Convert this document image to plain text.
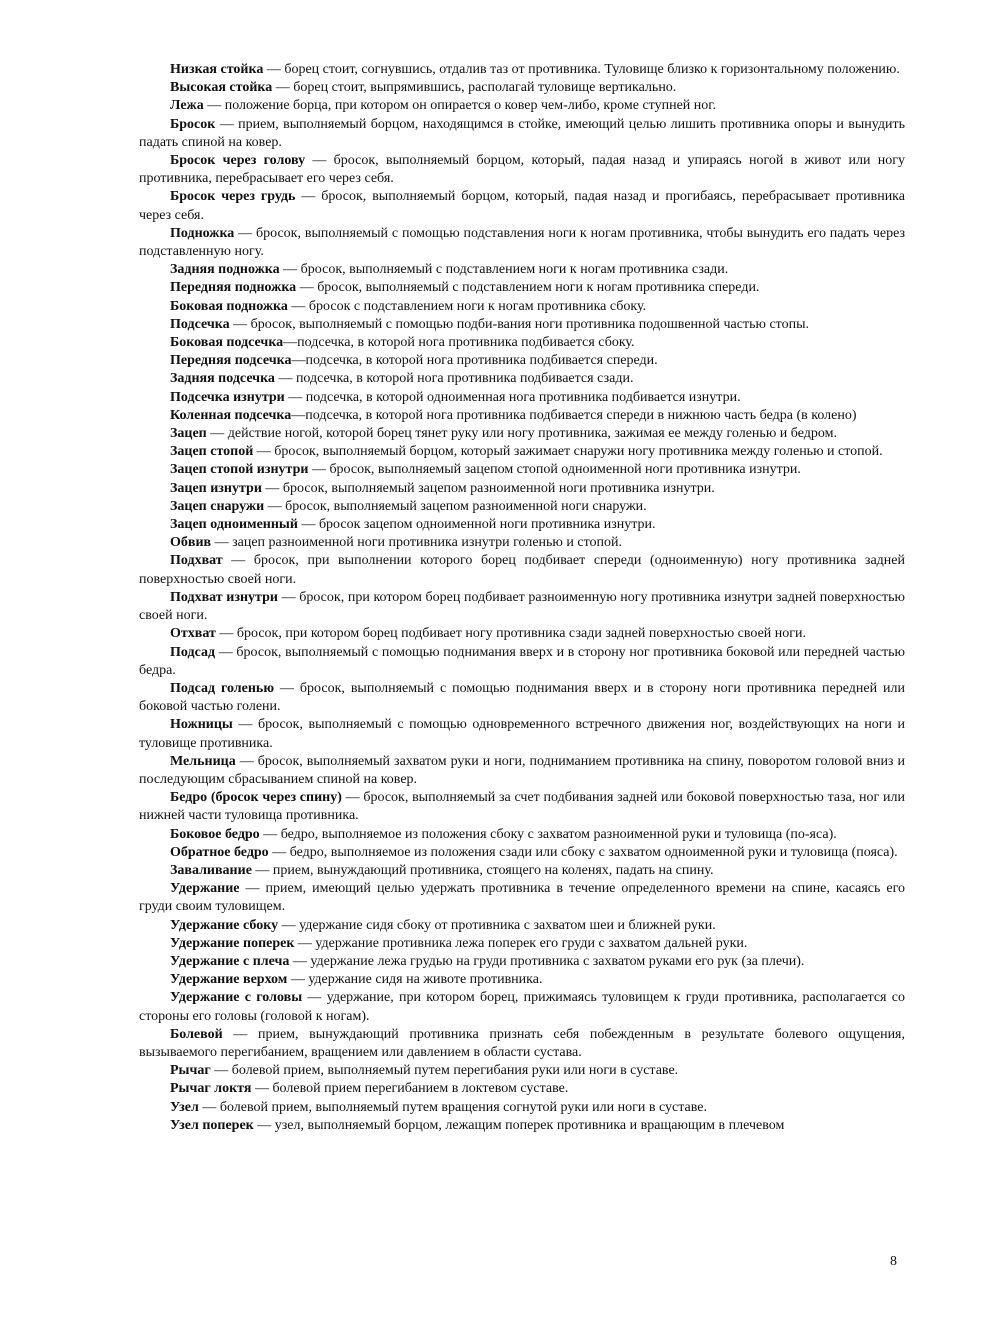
Низкая стойка — борец стоит, согнувшись, отдалив таз от противника. Туловище близко к горизонтальному положению.

Высокая стойка — борец стоит, выпрямившись, располагай туловище вертикально.

Лежа — положение борца, при котором он опирается о ковер чем-либо, кроме ступней ног.

Бросок — прием, выполняемый борцом, находящимся в стойке, имеющий целью лишить противника опоры и вынудить падать спиной на ковер.

Бросок через голову — бросок, выполняемый борцом, который, падая назад и упираясь ногой в живот или ногу противника, перебрасывает его через себя.

Бросок через грудь — бросок, выполняемый борцом, который, падая назад и прогибаясь, перебрасывает противника через себя.

Подножка — бросок, выполняемый с помощью подставления ноги к ногам противника, чтобы вынудить его падать через подставленную ногу.

Задняя подножка — бросок, выполняемый с подставлением ноги к ногам противника сзади.

Передняя подножка — бросок, выполняемый с подставлением ноги к ногам противника спереди.

Боковая подножка — бросок с подставлением ноги к ногам противника сбоку.

Подсечка — бросок, выполняемый с помощью подби-вания ноги противника подошвенной частью стопы.

Боковая подсечка—подсечка, в которой нога противника подбивается сбоку.

Передняя подсечка—подсечка, в которой нога противника подбивается спереди.

Задняя подсечка — подсечка, в которой нога противника подбивается сзади.

Подсечка изнутри — подсечка, в которой одноименная нога противника подбивается изнутри.

Коленная подсечка—подсечка, в которой нога противника подбивается спереди в нижнюю часть бедра (в колено)

Зацеп — действие ногой, которой борец тянет руку или ногу противника, зажимая ее между голенью и бедром.

Зацеп стопой — бросок, выполняемый борцом, который зажимает снаружи ногу противника между голенью и стопой.

Зацеп стопой изнутри — бросок, выполняемый зацепом стопой одноименной ноги противника изнутри.

Зацеп изнутри — бросок, выполняемый зацепом разноименной ноги противника изнутри.

Зацеп снаружи — бросок, выполняемый зацепом разноименной ноги снаружи.

Зацеп одноименный — бросок зацепом одноименной ноги противника изнутри.

Обвив — зацеп разноименной ноги противника изнутри голенью и стопой.

Подхват — бросок, при выполнении которого борец подбивает спереди (одноименную) ногу противника задней поверхностью своей ноги.

Подхват изнутри — бросок, при котором борец подбивает разноименную ногу противника изнутри задней поверхностью своей ноги.

Отхват — бросок, при котором борец подбивает ногу противника сзади задней поверхностью своей ноги.

Подсад — бросок, выполняемый с помощью поднимания вверх и в сторону ног противника боковой или передней частью бедра.

Подсад голенью — бросок, выполняемый с помощью поднимания вверх и в сторону ноги противника передней или боковой частью голени.

Ножницы — бросок, выполняемый с помощью одновременного встречного движения ног, воздействующих на ноги и туловище противника.

Мельница — бросок, выполняемый захватом руки и ноги, подниманием противника на спину, поворотом головой вниз и последующим сбрасыванием спиной на ковер.

Бедро (бросок через спину) — бросок, выполняемый за счет подбивания задней или боковой поверхностью таза, ног или нижней части туловища противника.

Боковое бедро — бедро, выполняемое из положения сбоку с захватом разноименной руки и туловища (по-яса).

Обратное бедро — бедро, выполняемое из положения сзади или сбоку с захватом одноименной руки и туловища (пояса).

Заваливание — прием, вынуждающий противника, стоящего на коленях, падать на спину.

Удержание — прием, имеющий целью удержать противника в течение определенного времени на спине, касаясь его груди своим туловищем.

Удержание сбоку — удержание сидя сбоку от противника с захватом шеи и ближней руки.

Удержание поперек — удержание противника лежа поперек его груди с захватом дальней руки.

Удержание с плеча — удержание лежа грудью на груди противника с захватом руками его рук (за плечи).

Удержание верхом — удержание сидя на животе противника.

Удержание с головы — удержание, при котором борец, прижимаясь туловищем к груди противника, располагается со стороны его головы (головой к ногам).

Болевой — прием, вынуждающий противника признать себя побежденным в результате болевого ощущения, вызываемого перегибанием, вращением или давлением в области сустава.

Рычаг — болевой прием, выполняемый путем перегибания руки или ноги в суставе.

Рычаг локтя — болевой прием перегибанием в локтевом суставе.

Узел — болевой прием, выполняемый путем вращения согнутой руки или ноги в суставе.

Узел поперек — узел, выполняемый борцом, лежащим поперек противника и вращающим в плечевом

8
